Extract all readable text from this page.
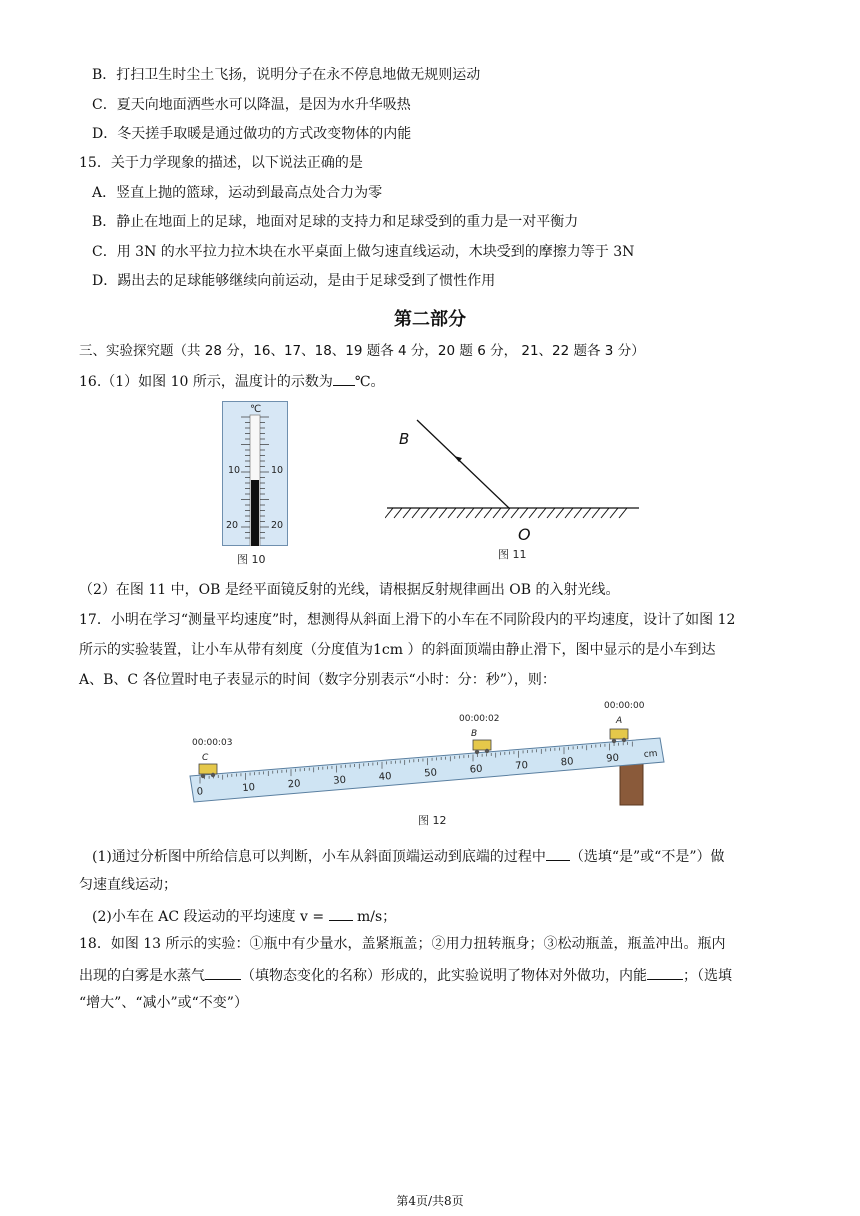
B．打扫卫生时尘土飞扬，说明分子在永不停息地做无规则运动
C．夏天向地面洒些水可以降温，是因为水升华吸热
D．冬天搓手取暖是通过做功的方式改变物体的内能
15．关于力学现象的描述，以下说法正确的是
A．竖直上抛的篮球，运动到最高点处合力为零
B．静止在地面上的足球，地面对足球的支持力和足球受到的重力是一对平衡力
C．用 3N 的水平拉力拉木块在水平桌面上做匀速直线运动，木块受到的摩擦力等于 3N
D．踢出去的足球能够继续向前运动，是由于足球受到了惯性作用
第二部分
三、实验探究题（共 28 分，16、17、18、19 题各 4 分，20 题 6 分， 21、22 题各 3 分）
16.（1）如图 10 所示，温度计的示数为 ℃。
℃
10	10
20	20
图 10
B
O
图 11
（2）在图 11 中，OB 是经平面镜反射的光线，请根据反射规律画出 OB 的入射光线。
17．小明在学习“测量平均速度”时，想测得从斜面上滑下的小车在不同阶段内的平均速度，设计了如图 12
所示的实验装置，让小车从带有刻度（分度值为1cm ）的斜面顶端由静止滑下，图中显示的是小车到达
A、B、C 各位置时电子表显示的时间（数字分别表示“小时：分：秒”），则：
0	10	20	30	40	50	60	70	80	90	cm
C
00:00:03
B
00:00:02	A
00:00:00
图 12
(1)通过分析图中所给信息可以判断，小车从斜面顶端运动到底端的过程中 （选填“是”或“不是”）做
匀速直线运动；
(2)小车在 AC 段运动的平均速度 v = m/s；
18．如图 13 所示的实验：①瓶中有少量水，盖紧瓶盖；②用力扭转瓶身；③松动瓶盖，瓶盖冲出。瓶内
出现的白雾是水蒸气	（填物态变化的名称）形成的，此实验说明了物体对外做功，内能	；（选填
“增大”、“减小”或“不变”）
第4页/共8页
